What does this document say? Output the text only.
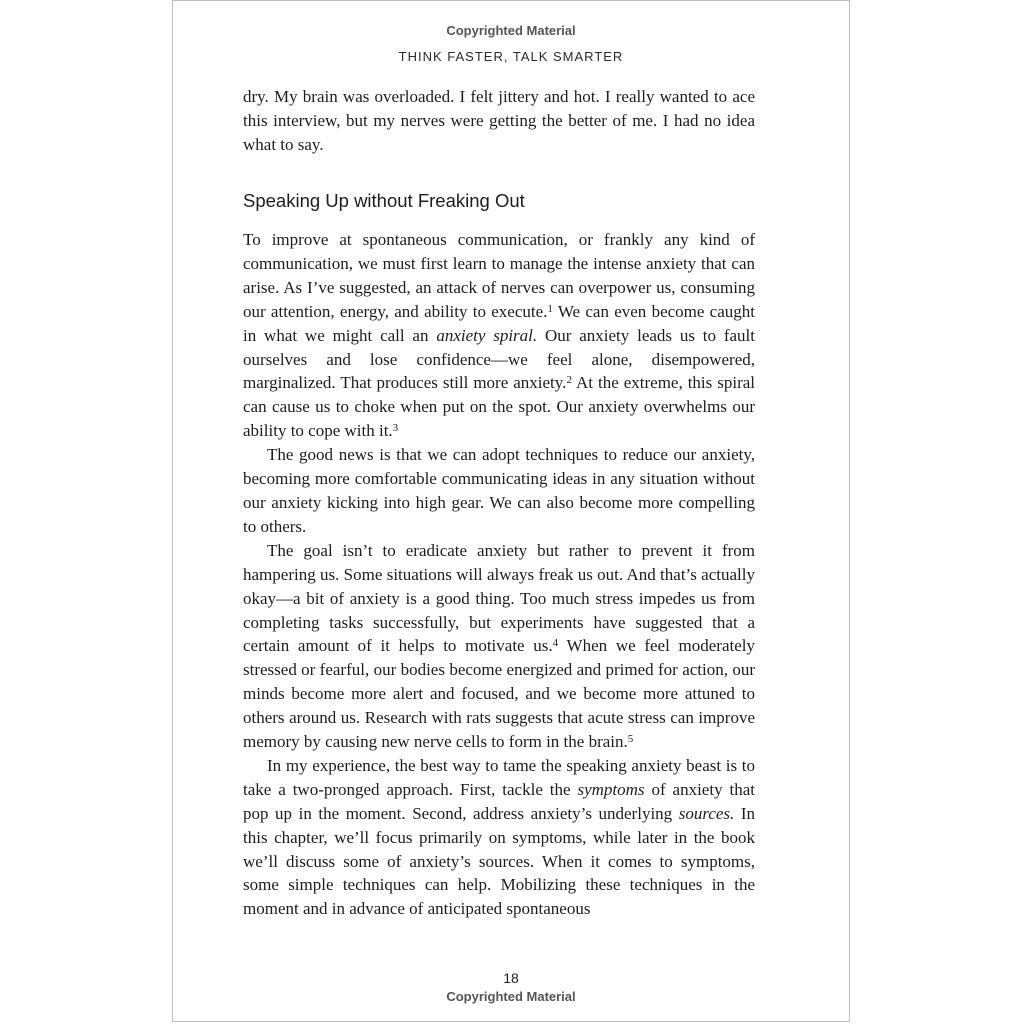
Copyrighted Material
THINK FASTER, TALK SMARTER

dry. My brain was overloaded. I felt jittery and hot. I really wanted to ace this interview, but my nerves were getting the better of me. I had no idea what to say.

Speaking Up without Freaking Out

To improve at spontaneous communication, or frankly any kind of communication, we must first learn to manage the intense anxiety that can arise. As I’ve suggested, an attack of nerves can overpower us, consuming our attention, energy, and ability to execute.$^1$ We can even become caught in what we might call an anxiety spiral. Our anxiety leads us to fault ourselves and lose confidence—we feel alone, disempowered, marginalized. That produces still more anxiety.$^2$ At the extreme, this spiral can cause us to choke when put on the spot. Our anxiety overwhelms our ability to cope with it.$^3$

The good news is that we can adopt techniques to reduce our anxiety, becoming more comfortable communicating ideas in any situation without our anxiety kicking into high gear. We can also become more compelling to others.

The goal isn’t to eradicate anxiety but rather to prevent it from hampering us. Some situations will always freak us out. And that’s actually okay—a bit of anxiety is a good thing. Too much stress impedes us from completing tasks successfully, but experiments have suggested that a certain amount of it helps to motivate us.$^4$ When we feel moderately stressed or fearful, our bodies become energized and primed for action, our minds become more alert and focused, and we become more attuned to others around us. Research with rats suggests that acute stress can improve memory by causing new nerve cells to form in the brain.$^5$

In my experience, the best way to tame the speaking anxiety beast is to take a two-pronged approach. First, tackle the symptoms of anxiety that pop up in the moment. Second, address anxiety’s underlying sources. In this chapter, we’ll focus primarily on symptoms, while later in the book we’ll discuss some of anxiety’s sources. When it comes to symptoms, some simple techniques can help. Mobilizing these techniques in the moment and in advance of anticipated spontaneous

18
Copyrighted Material
